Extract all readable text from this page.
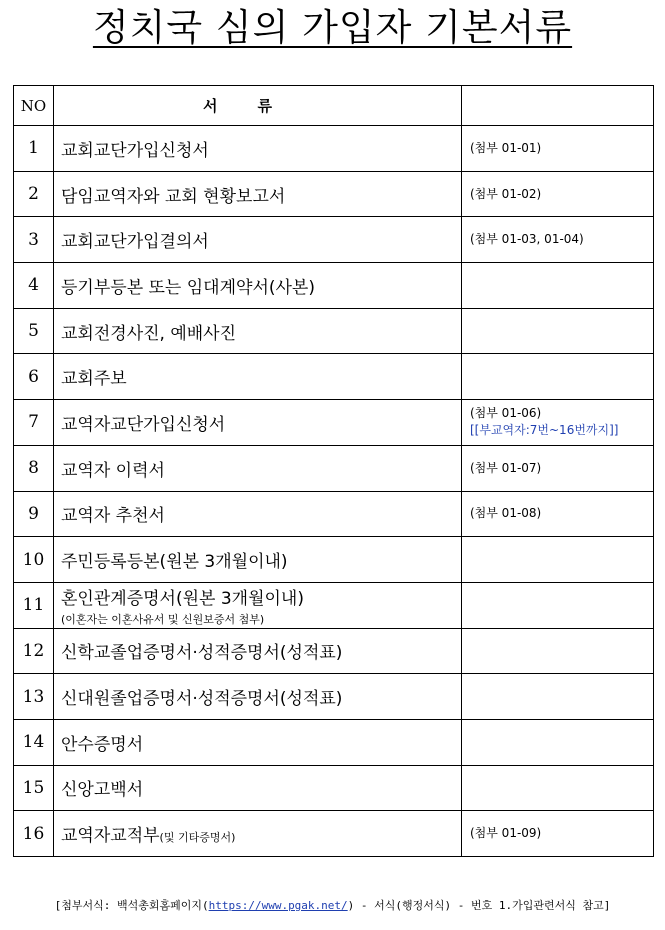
정치국 심의 가입자 기본서류
NO	서류	
1	교회교단가입신청서	(첨부 01-01)
2	담임교역자와 교회 현황보고서	(첨부 01-02)
3	교회교단가입결의서	(첨부 01-03, 01-04)
4	등기부등본 또는 임대계약서(사본)	
5	교회전경사진, 예배사진	
6	교회주보	
7	교역자교단가입신청서	(첨부 01-06)
[[부교역자:7번~16번까지]]
8	교역자 이력서	(첨부 01-07)
9	교역자 추천서	(첨부 01-08)
10	주민등록등본(원본 3개월이내)	
11	혼인관계증명서(원본 3개월이내)
(이혼자는 이혼사유서 및 신원보증서 첨부)	

12	신학교졸업증명서·성적증명서(성적표)	
13	신대원졸업증명서·성적증명서(성적표)	
14	안수증명서	
15	신앙고백서	
16	교역자교적부(및 기타증명서)	(첨부 01-09)
[첨부서식: 백석총회홈페이지(https://www.pgak.net/) - 서식(행정서식) - 번호 1.가입관련서식 참고]
